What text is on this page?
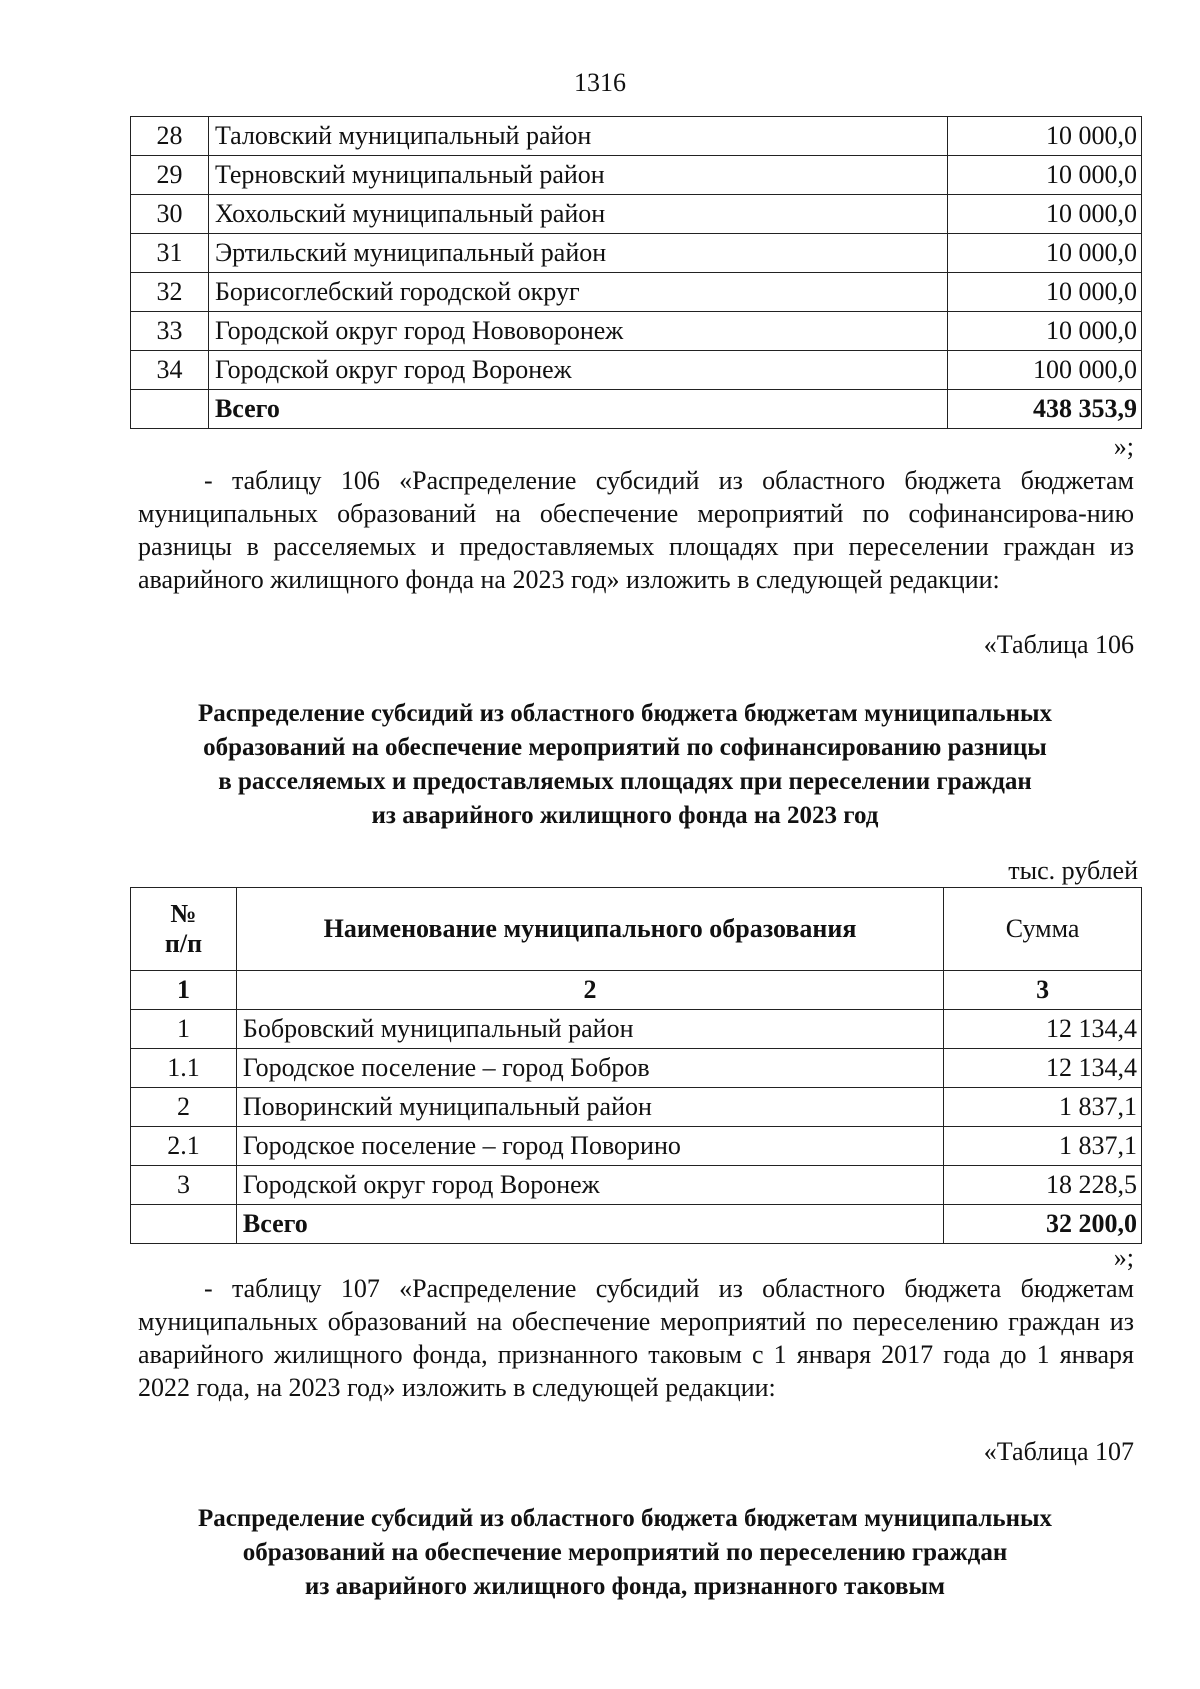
1316
28	Таловский муниципальный район	10 000,0
29	Терновский муниципальный район	10 000,0
30	Хохольский муниципальный район	10 000,0
31	Эртильский муниципальный район	10 000,0
32	Борисоглебский городской округ	10 000,0
33	Городской округ город Нововоронеж	10 000,0
34	Городской округ город Воронеж	100 000,0
	Всего	438 353,9
»;

- таблицу 106 «Распределение субсидий из областного бюджета бюджетам муниципальных образований на обеспечение мероприятий по софинансирова-нию разницы в расселяемых и предоставляемых площадях при переселении граждан из аварийного жилищного фонда на 2023 год» изложить в следующей редакции:

«Таблица 106

Распределение субсидий из областного бюджета бюджетам муниципальных
образований на обеспечение мероприятий по софинансированию разницы
в расселяемых и предоставляемых площадях при переселении граждан
из аварийного жилищного фонда на 2023 год

тыс. рублей
№
п/п	Наименование муниципального образования	Сумма
1	2	3
1	Бобровский муниципальный район	12 134,4
1.1	Городское поселение – город Бобров	12 134,4
2	Поворинский муниципальный район	1 837,1
2.1	Городское поселение – город Поворино	1 837,1
3	Городской округ город Воронеж	18 228,5
	Всего	32 200,0
»;

- таблицу 107 «Распределение субсидий из областного бюджета бюджетам муниципальных образований на обеспечение мероприятий по переселению граждан из аварийного жилищного фонда, признанного таковым с 1 января 2017 года до 1 января 2022 года, на 2023 год» изложить в следующей редакции:

«Таблица 107

Распределение субсидий из областного бюджета бюджетам муниципальных
образований на обеспечение мероприятий по переселению граждан
из аварийного жилищного фонда, признанного таковым
